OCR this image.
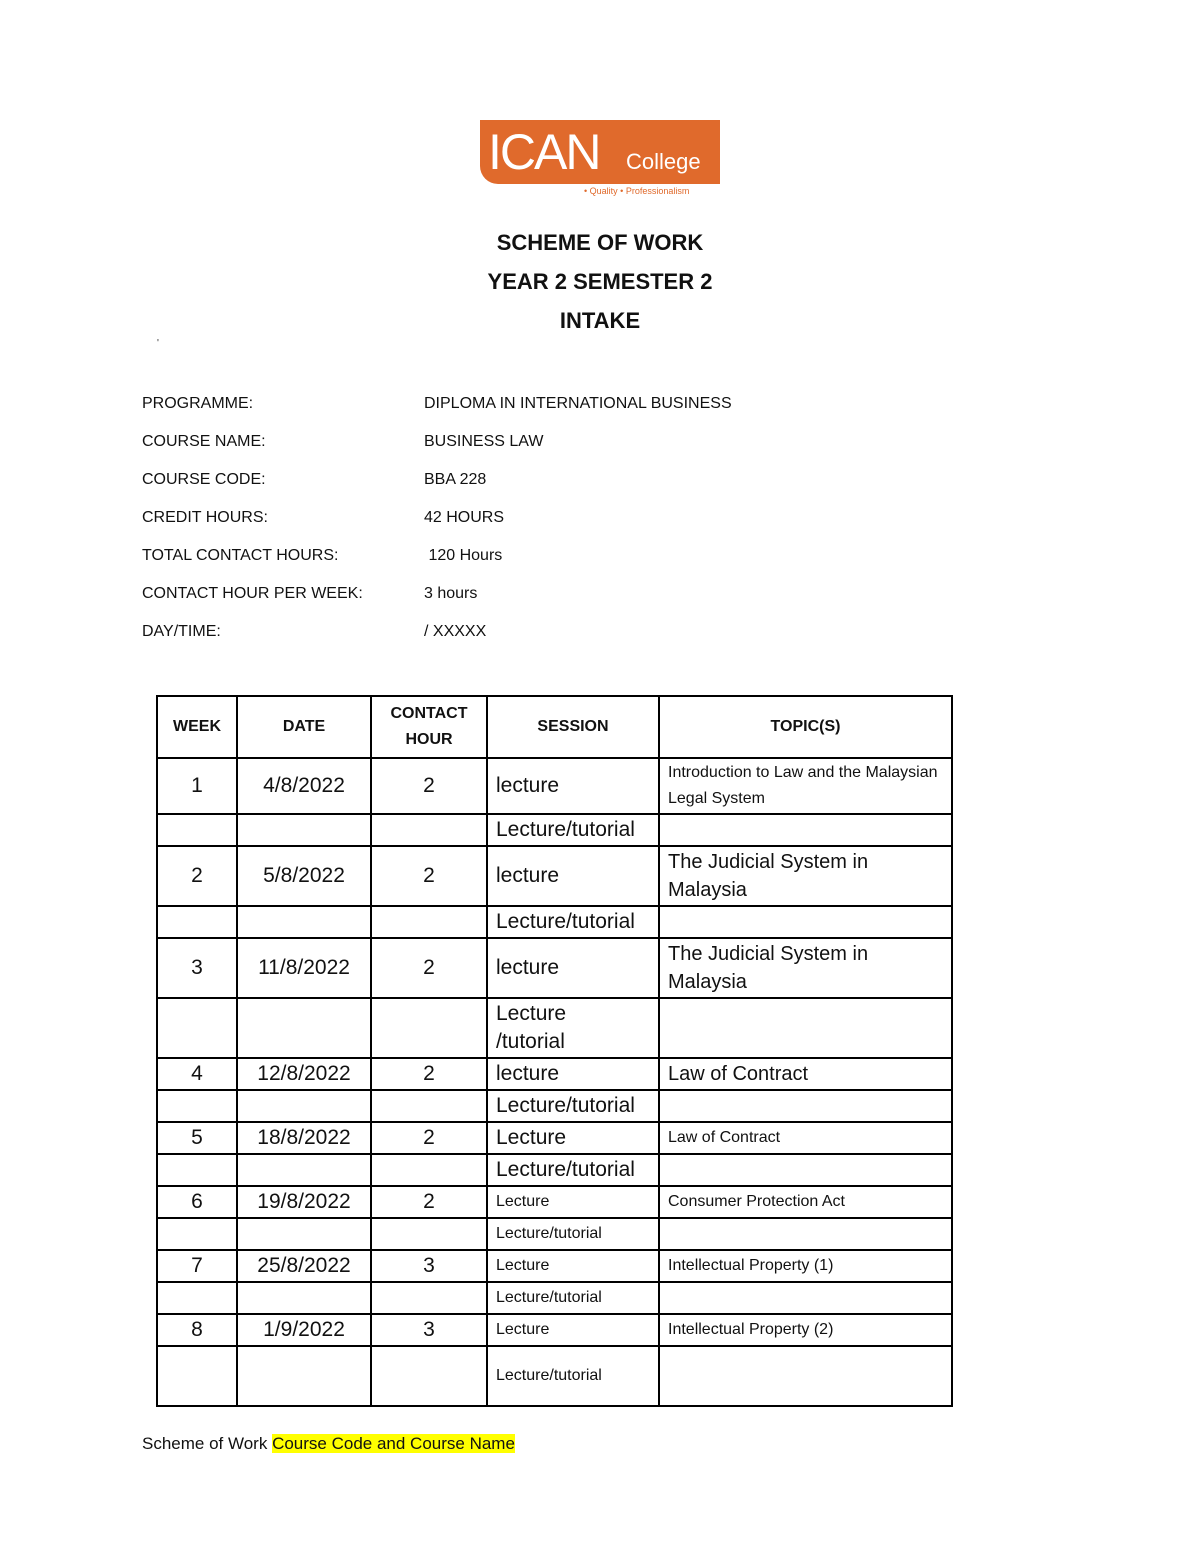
ICAN College
• Quality • Professionalism
SCHEME OF WORK
YEAR 2 SEMESTER 2
INTAKE
'
PROGRAMME:	DIPLOMA IN INTERNATIONAL BUSINESS
COURSE NAME:	BUSINESS LAW
COURSE CODE:	BBA 228
CREDIT HOURS:	42 HOURS
TOTAL CONTACT HOURS:	120 Hours
CONTACT HOUR PER WEEK:	3 hours
DAY/TIME:	/ XXXXX
WEEK	DATE	CONTACT HOUR	SESSION	TOPIC(S)
1	4/8/2022	2	lecture	Introduction to Law and the Malaysian Legal System
			Lecture/tutorial	
2	5/8/2022	2	lecture	The Judicial System in Malaysia
			Lecture/tutorial	
3	11/8/2022	2	lecture	The Judicial System in Malaysia
			Lecture /tutorial	
4	12/8/2022	2	lecture	Law of Contract
			Lecture/tutorial	
5	18/8/2022	2	Lecture	Law of Contract
			Lecture/tutorial	
6	19/8/2022	2	Lecture	Consumer Protection Act
			Lecture/tutorial	
7	25/8/2022	3	Lecture	Intellectual Property (1)
			Lecture/tutorial	
8	1/9/2022	3	Lecture	Intellectual Property (2)
			Lecture/tutorial	
Scheme of Work Course Code and Course Name
